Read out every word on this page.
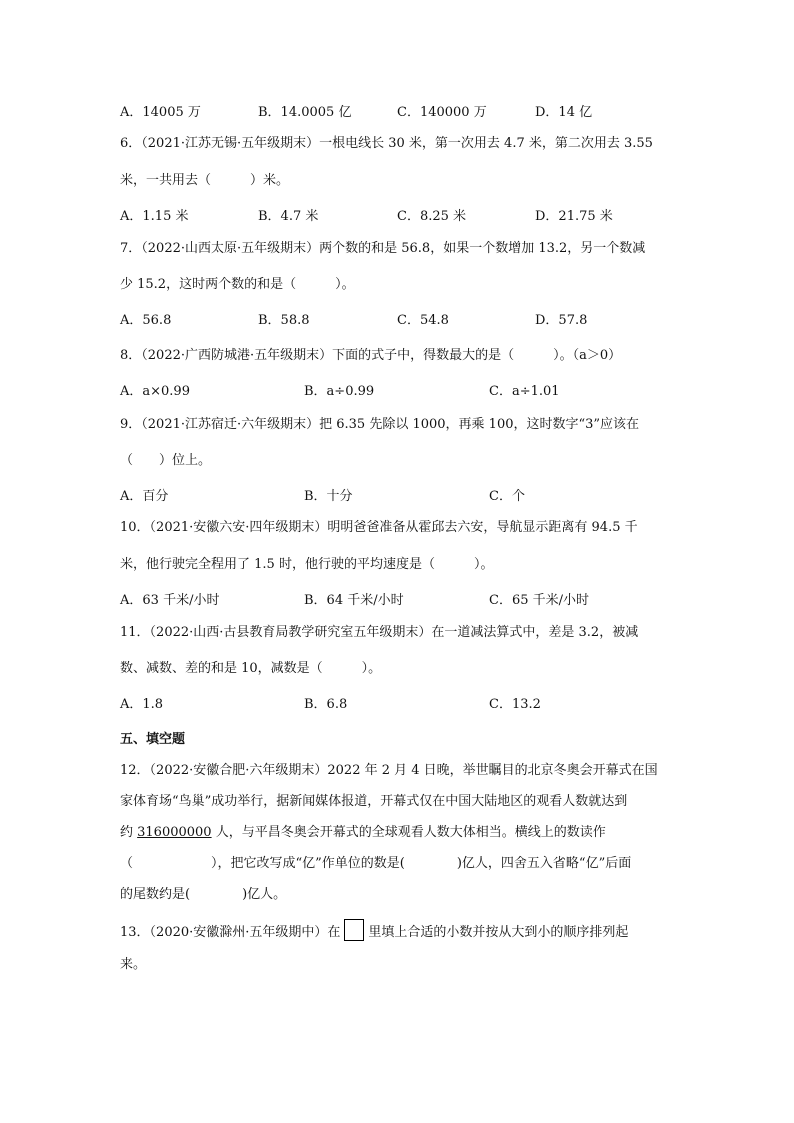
A．14005 万	B．14.0005 亿	C．140000 万	D．14 亿
6．（2021·江苏无锡·五年级期末）一根电线长 30 米，第一次用去 4.7 米，第二次用去 3.55
米，一共用去（　　　）米。
A．1.15 米	B．4.7 米	C．8.25 米	D．21.75 米
7．（2022·山西太原·五年级期末）两个数的和是 56.8，如果一个数增加 13.2，另一个数减
少 15.2，这时两个数的和是（　　　）。
A．56.8	B．58.8	C．54.8	D．57.8
8．（2022·广西防城港·五年级期末）下面的式子中，得数最大的是（　　　）。（a＞0）
A．a×0.99	B．a÷0.99	C．a÷1.01
9．（2021·江苏宿迁·六年级期末）把 6.35 先除以 1000，再乘 100，这时数字“3”应该在
（　　）位上。
A．百分	B．十分	C．个
10．（2021·安徽六安·四年级期末）明明爸爸准备从霍邱去六安，导航显示距离有 94.5 千
米，他行驶完全程用了 1.5 时，他行驶的平均速度是（　　　）。
A．63 千米/小时	B．64 千米/小时	C．65 千米/小时
11．（2022·山西·古县教育局教学研究室五年级期末）在一道减法算式中，差是 3.2，被减
数、减数、差的和是 10，减数是（　　　）。
A．1.8	B．6.8	C．13.2
五、填空题
12．（2022·安徽合肥·六年级期末）2022 年 2 月 4 日晚，举世瞩目的北京冬奥会开幕式在国
家体育场“鸟巢”成功举行，据新闻媒体报道，开幕式仅在中国大陆地区的观看人数就达到
约 316000000 人，与平昌冬奥会开幕式的全球观看人数大体相当。横线上的数读作
（　　　　　　），把它改写成“亿”作单位的数是(　　　　)亿人，四舍五入省略“亿”后面
的尾数约是(　　　　)亿人。
13．（2020·安徽滁州·五年级期中）在 里填上合适的小数并按从大到小的顺序排列起
来。
